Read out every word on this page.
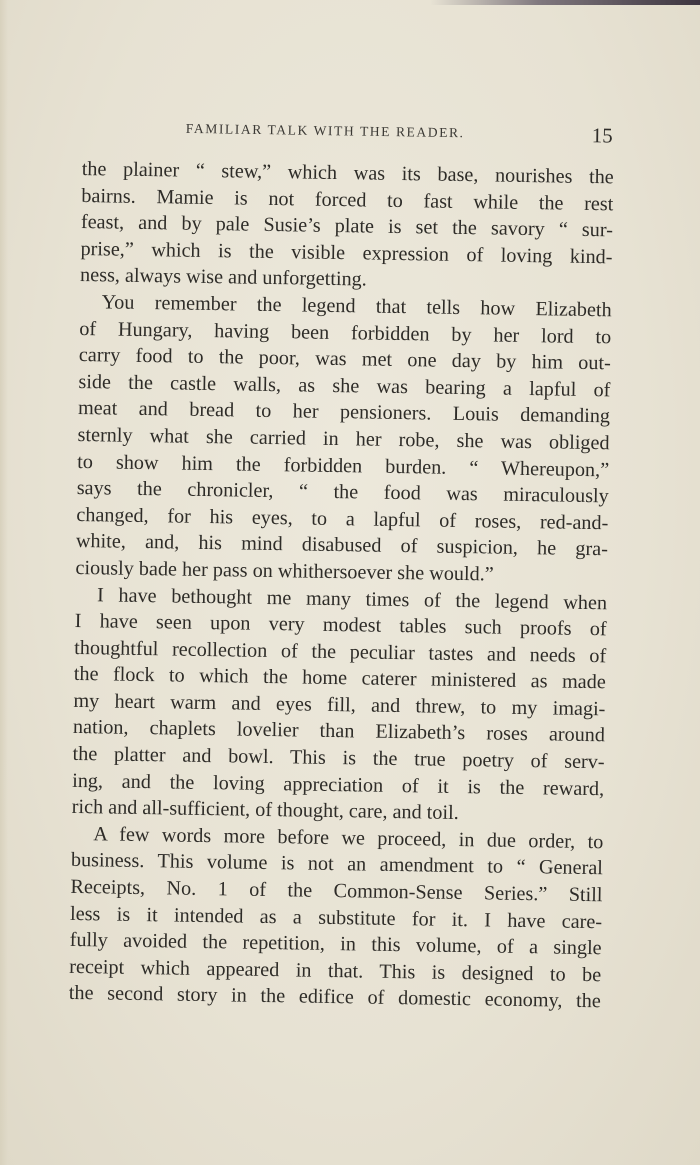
FAMILIAR TALK WITH THE READER.	15
the plainer “ stew,” which was its base, nourishes the
bairns. Mamie is not forced to fast while the rest
feast, and by pale Susie’s plate is set the savory “ sur-
prise,” which is the visible expression of loving kind-
ness, always wise and unforgetting.
You remember the legend that tells how Elizabeth
of Hungary, having been forbidden by her lord to
carry food to the poor, was met one day by him out-
side the castle walls, as she was bearing a lapful of
meat and bread to her pensioners. Louis demanding
sternly what she carried in her robe, she was obliged
to show him the forbidden burden. “ Whereupon,”
says the chronicler, “ the food was miraculously
changed, for his eyes, to a lapful of roses, red-and-
white, and, his mind disabused of suspicion, he gra-
ciously bade her pass on whithersoever she would.”
I have bethought me many times of the legend when
I have seen upon very modest tables such proofs of
thoughtful recollection of the peculiar tastes and needs of
the flock to which the home caterer ministered as made
my heart warm and eyes fill, and threw, to my imagi-
nation, chaplets lovelier than Elizabeth’s roses around
the platter and bowl. This is the true poetry of serv-
ing, and the loving appreciation of it is the reward,
rich and all-sufficient, of thought, care, and toil.
A few words more before we proceed, in due order, to
business. This volume is not an amendment to “ General
Receipts, No. 1 of the Common-Sense Series.” Still
less is it intended as a substitute for it. I have care-
fully avoided the repetition, in this volume, of a single
receipt which appeared in that. This is designed to be
the second story in the edifice of domestic economy, the
